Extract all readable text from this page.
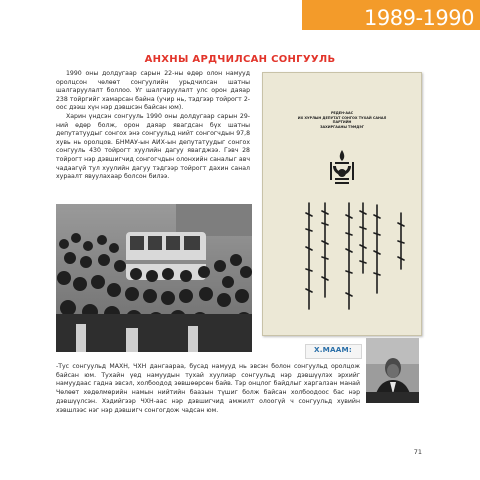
1989-1990
АНХНЫ АРДЧИЛСАН СОНГУУЛЬ

1990 оны долдугаар сарын 22-ны өдөр олон намууд оролцсон чөлөөт сонгуулийн урьдчилсан шатны шалгаруулалт боллоо. Уг шалгаруулалт улс орон даяар 238 тойргийг хамарсан байна (учир нь, тэдгээр тойрогт 2-оос дээш хүн нэр дэвшсэн байсан юм).

Харин үндсэн сонгууль 1990 оны долдугаар сарын 29-ний өдөр болж, орон даяар явагдсан бүх шатны депутатуудыг сонгох энэ сонгуульд нийт сонгогчдын 97,8 хувь нь оролцов. БНМАУ-ын АИХ-ын депутатуудыг сонгох сонгууль 430 тойрогт хуулийн дагуу явагджээ. Гэвч 28 тойрогт нэр дэвшигчид сонгогчдын олонхийн саналыг авч чадаагүй тул хуулийн дагуу тэдгээр тойрогт дахин санал хураалт явуулахаар болсон билээ.

РЕДЕН-ААС
ИХ ХУРЛЫН ДЕПУТАТ СОНГОХ ТУХАЙ САНАЛ
ПАРТИЙН
ЗАХИРГААНЫ ТЭМДЭГ
Х.МААМ:
-Тус сонгуульд МАХН, ЧХН дангаараа, бусад намууд нь эвсэн болон сонгуульд оролцож байсан юм. Тухайн үед намуудын тухай хуулиар сонгуульд нэр дэвшүүлэх эрхийг намуудаас гадна эвсэл, холбоодод зөвшөөрсөн байв. Тэр онцлог байдлыг харгалзан манай Чөлөөт хөдөлмөрийн намын нийтийн баазын түшиг болж байсан холбоодоос бас нэр дэвшүүлсэн. Хэдийгээр ЧХН-аас нэр дэвшигчид амжилт олоогүй ч сонгуульд хувийн хэвшлээс нэг нэр дэвшигч сонгогдож чадсан юм.
71
